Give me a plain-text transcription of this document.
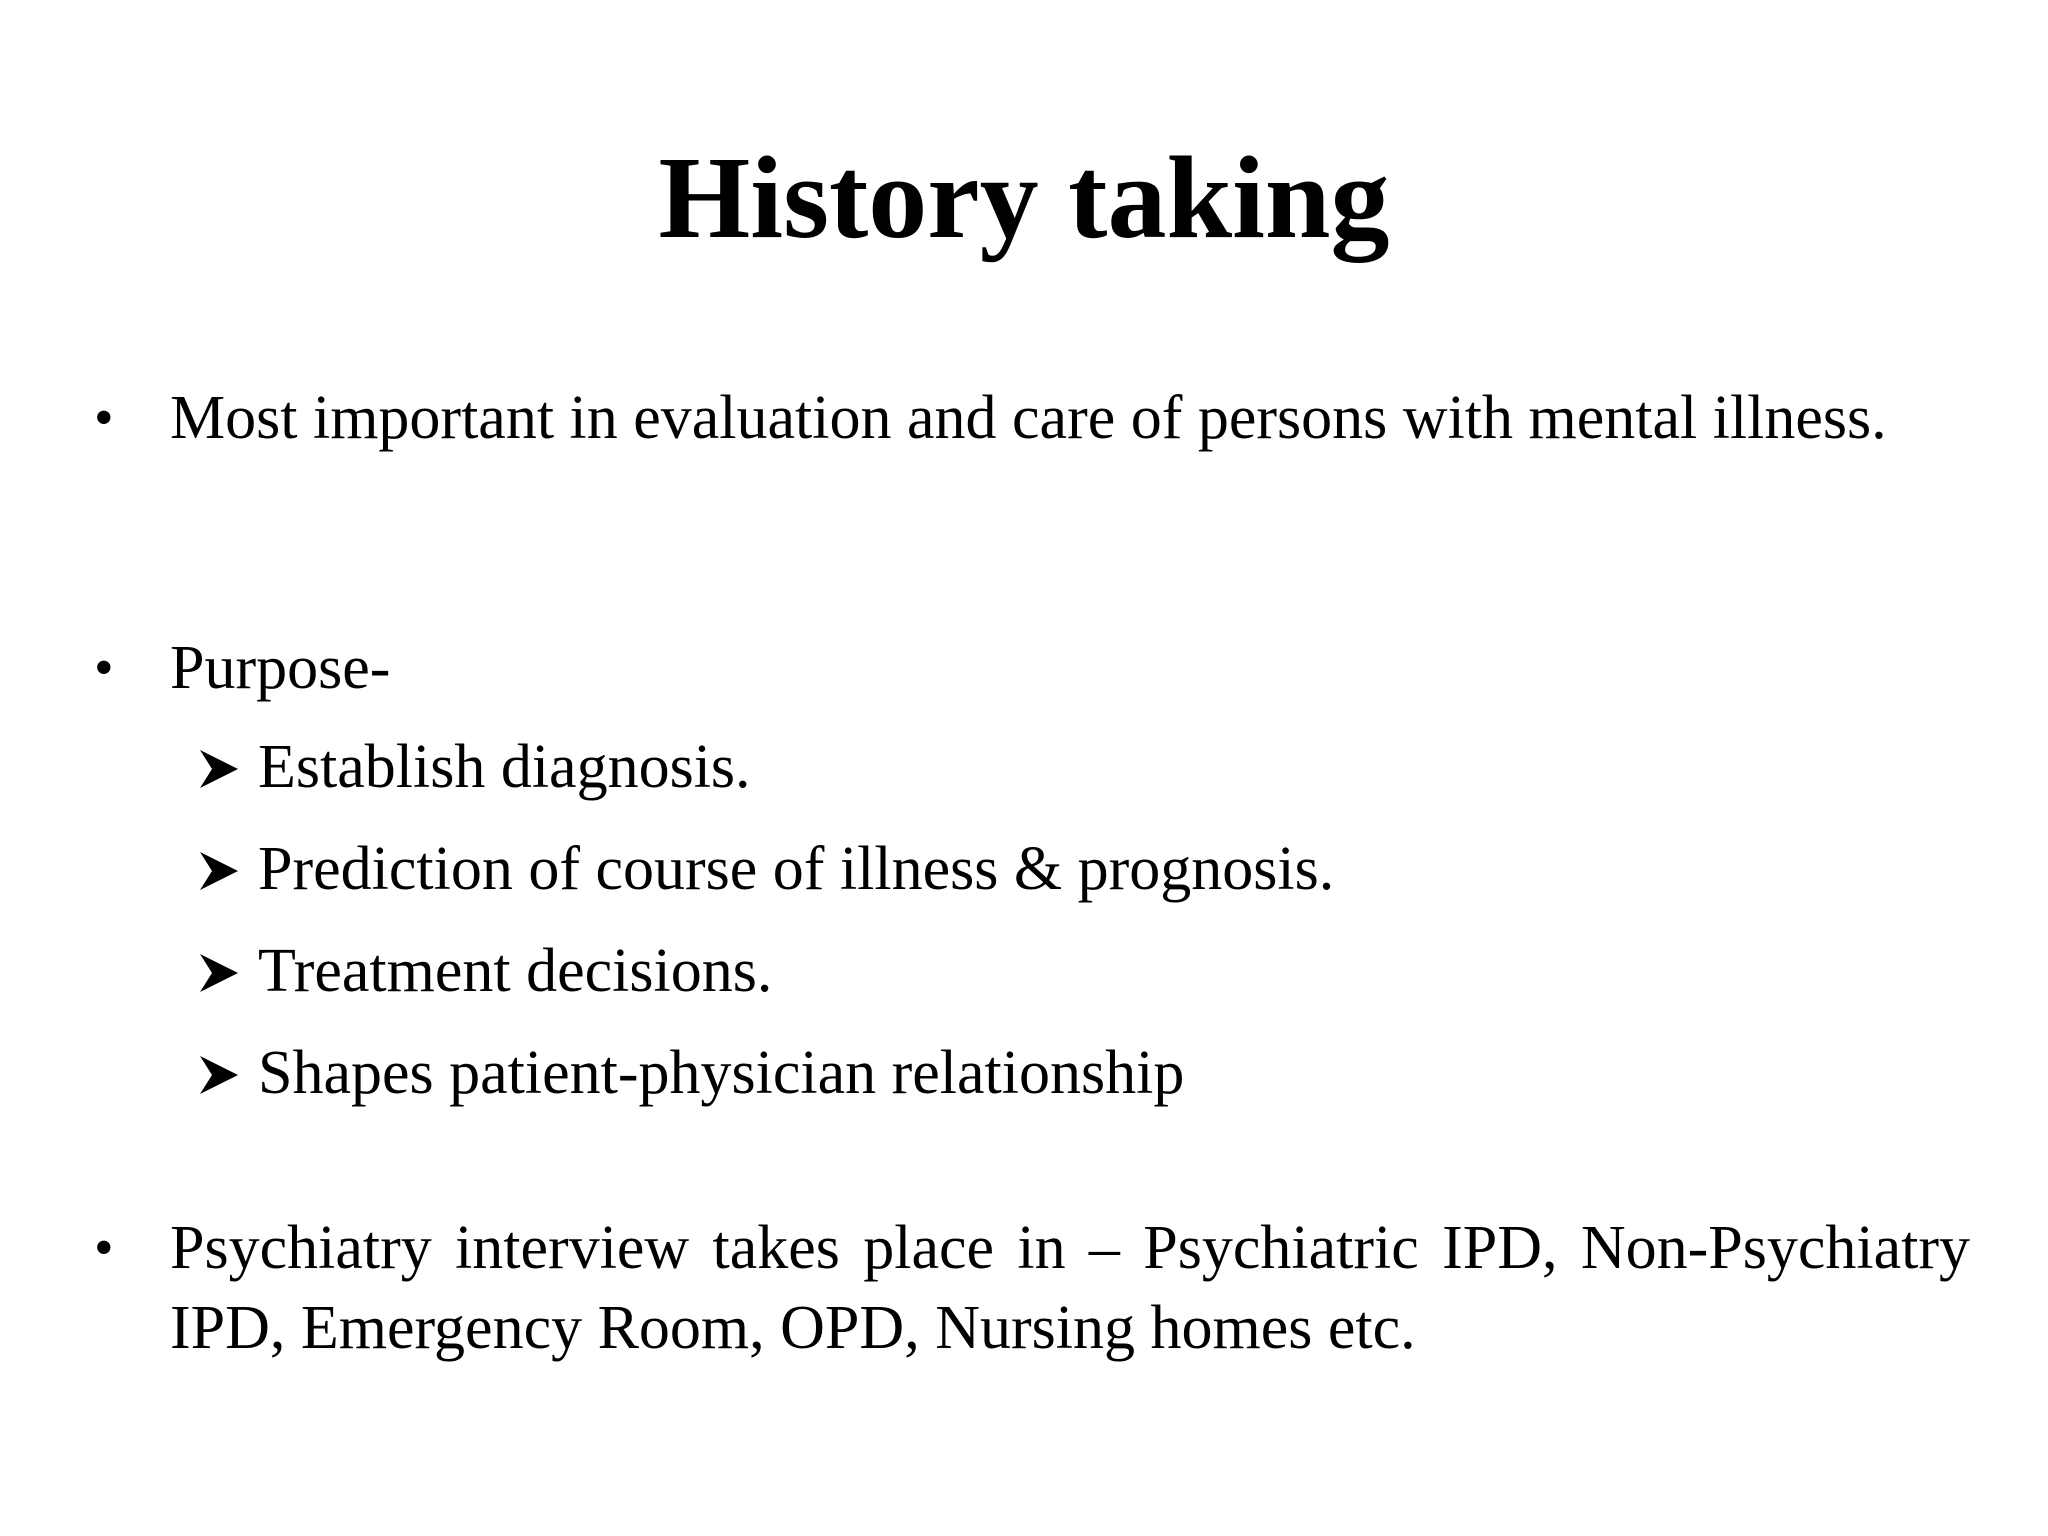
History taking
• Most important in evaluation and care of persons with mental illness.
• Purpose-
Establish diagnosis.
Prediction of course of illness & prognosis.
Treatment decisions.
Shapes patient-physician relationship
• Psychiatry interview takes place in – Psychiatric IPD, Non-Psychiatry IPD, Emergency Room, OPD, Nursing homes etc.
